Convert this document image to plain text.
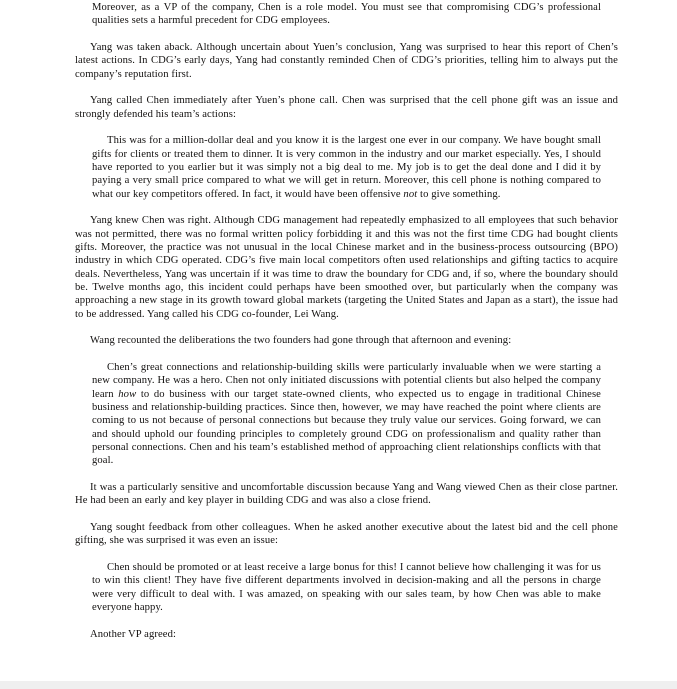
Moreover, as a VP of the company, Chen is a role model. You must see that compromising CDG’s professional qualities sets a harmful precedent for CDG employees.

Yang was taken aback. Although uncertain about Yuen’s conclusion, Yang was surprised to hear this report of Chen’s latest actions. In CDG’s early days, Yang had constantly reminded Chen of CDG’s priorities, telling him to always put the company’s reputation first.

Yang called Chen immediately after Yuen’s phone call. Chen was surprised that the cell phone gift was an issue and strongly defended his team’s actions:

This was for a million-dollar deal and you know it is the largest one ever in our company. We have bought small gifts for clients or treated them to dinner. It is very common in the industry and our market especially. Yes, I should have reported to you earlier but it was simply not a big deal to me. My job is to get the deal done and I did it by paying a very small price compared to what we will get in return. Moreover, this cell phone is nothing compared to what our key competitors offered. In fact, it would have been offensive not to give something.

Yang knew Chen was right. Although CDG management had repeatedly emphasized to all employees that such behavior was not permitted, there was no formal written policy forbidding it and this was not the first time CDG had bought clients gifts. Moreover, the practice was not unusual in the local Chinese market and in the business-process outsourcing (BPO) industry in which CDG operated. CDG’s five main local competitors often used relationships and gifting tactics to acquire deals. Nevertheless, Yang was uncertain if it was time to draw the boundary for CDG and, if so, where the boundary should be. Twelve months ago, this incident could perhaps have been smoothed over, but particularly when the company was approaching a new stage in its growth toward global markets (targeting the United States and Japan as a start), the issue had to be addressed. Yang called his CDG co-founder, Lei Wang.

Wang recounted the deliberations the two founders had gone through that afternoon and evening:

Chen’s great connections and relationship-building skills were particularly invaluable when we were starting a new company. He was a hero. Chen not only initiated discussions with potential clients but also helped the company learn how to do business with our target state-owned clients, who expected us to engage in traditional Chinese business and relationship-building practices. Since then, however, we may have reached the point where clients are coming to us not because of personal connections but because they truly value our services. Going forward, we can and should uphold our founding principles to completely ground CDG on professionalism and quality rather than personal connections. Chen and his team’s established method of approaching client relationships conflicts with that goal.

It was a particularly sensitive and uncomfortable discussion because Yang and Wang viewed Chen as their close partner. He had been an early and key player in building CDG and was also a close friend.

Yang sought feedback from other colleagues. When he asked another executive about the latest bid and the cell phone gifting, she was surprised it was even an issue:

Chen should be promoted or at least receive a large bonus for this! I cannot believe how challenging it was for us to win this client! They have five different departments involved in decision-making and all the persons in charge were very difficult to deal with. I was amazed, on speaking with our sales team, by how Chen was able to make everyone happy.

Another VP agreed:
